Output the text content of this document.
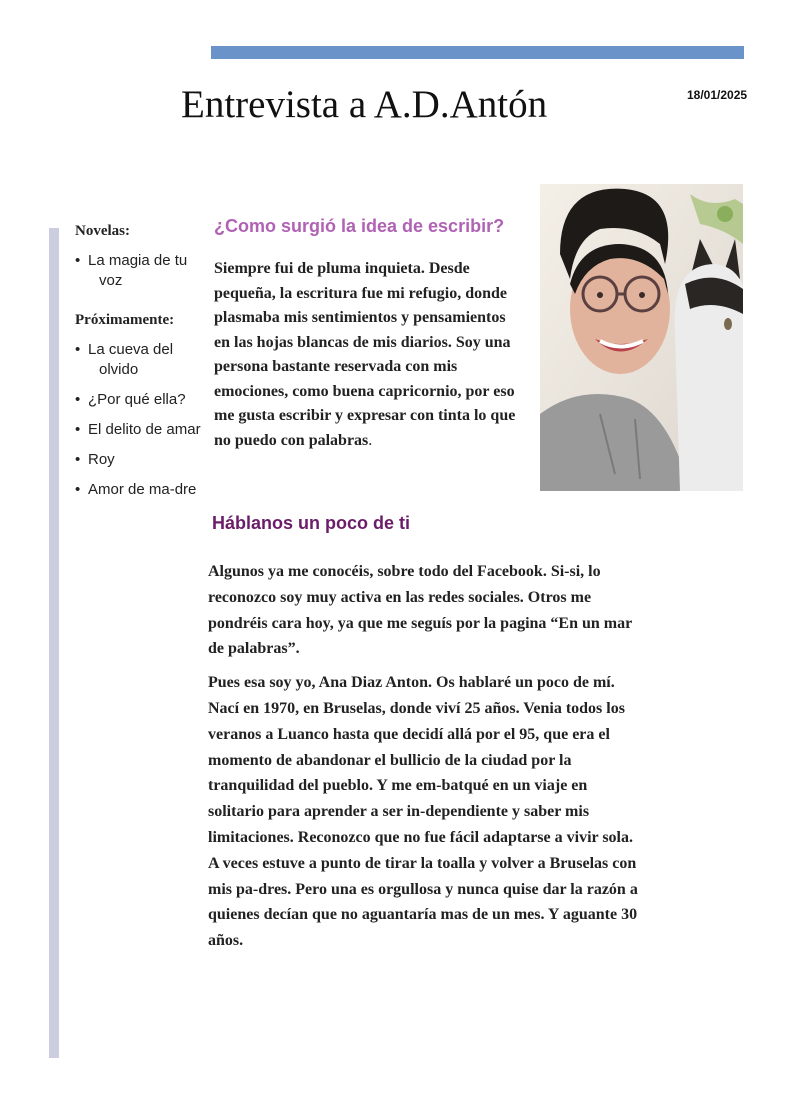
Entrevista a A.D.Antón	18/01/2025
Novelas:
• La magia de tu voz
Próximamente:
• La cueva del olvido
• ¿Por qué ella?
• El delito de amar
• Roy
• Amor de ma-dre
¿Como surgió la idea de escribir?
Siempre fui de pluma inquieta. Desde pequeña, la escritura fue mi refugio, donde plasmaba mis sentimientos y pensamientos en las hojas blancas de mis diarios. Soy una persona bastante reservada con mis emociones, como buena capricornio, por eso me gusta escribir y expresar con tinta lo que no puedo con palabras.
Háblanos un poco de ti

Algunos ya me conocéis, sobre todo del Facebook. Si-si, lo reconozco soy muy activa en las redes sociales. Otros me pondréis cara hoy, ya que me seguís por la pagina “En un mar de palabras”.

Pues esa soy yo, Ana Diaz Anton. Os hablaré un poco de mí. Nací en 1970, en Bruselas, donde viví 25 años. Venia todos los veranos a Luanco hasta que decidí allá por el 95, que era el momento de abandonar el bullicio de la ciudad por la tranquilidad del pueblo. Y me em-batqué en un viaje en solitario para aprender a ser in-dependiente y saber mis limitaciones. Reconozco que no fue fácil adaptarse a vivir sola. A veces estuve a punto de tirar la toalla y volver a Bruselas con mis pa-dres. Pero una es orgullosa y nunca quise dar la razón a quienes decían que no aguantaría mas de un mes. Y aguante 30 años.
